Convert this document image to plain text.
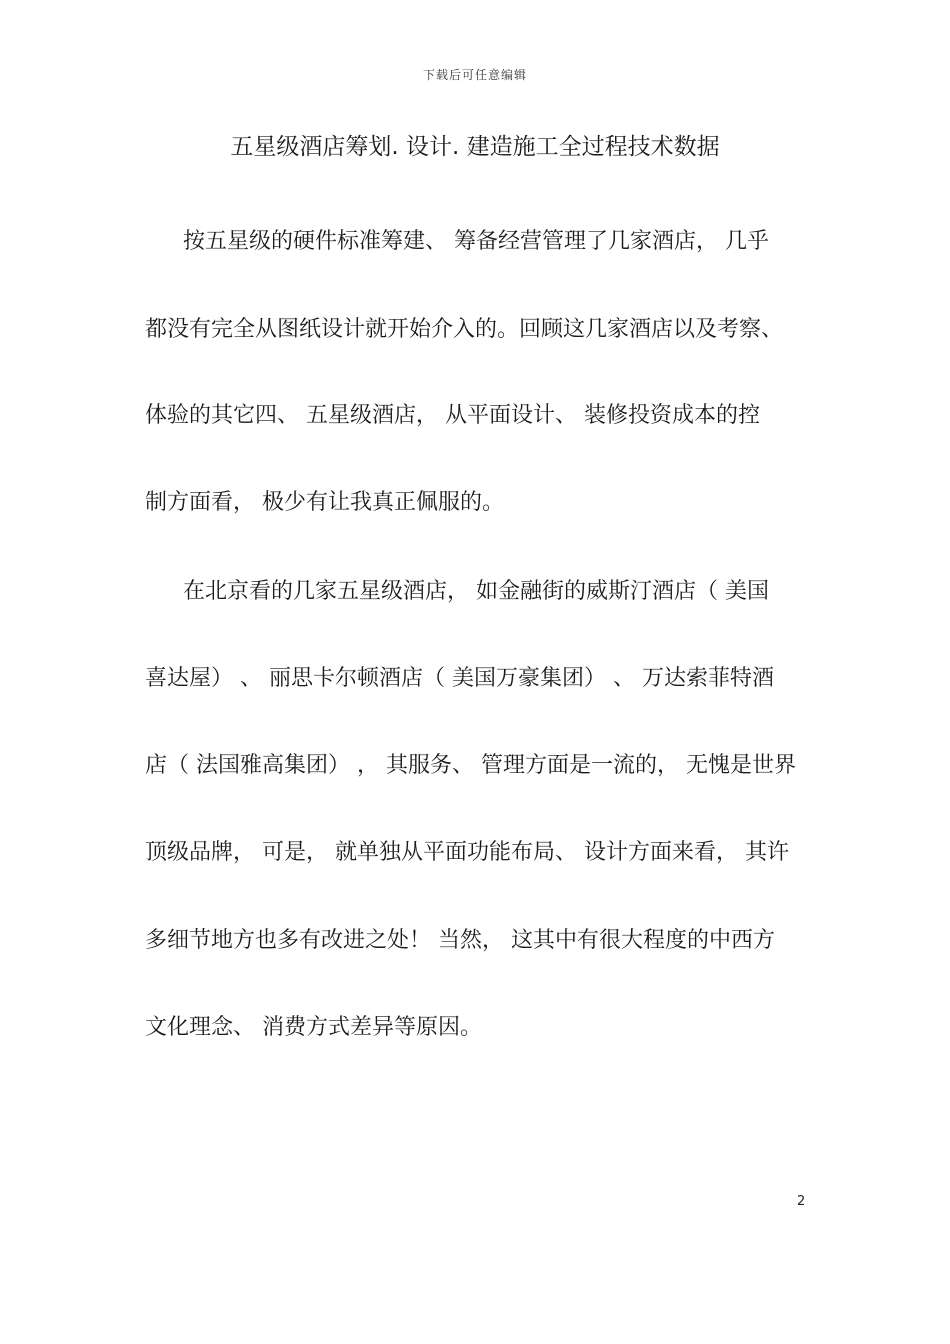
下载后可任意编辑
五星级酒店筹划. 设计. 建造施工全过程技术数据
按五星级的硬件标准筹建、 筹备经营管理了几家酒店， 几乎
都没有完全从图纸设计就开始介入的。回顾这几家酒店以及考察、
体验的其它四、 五星级酒店， 从平面设计、 装修投资成本的控
制方面看， 极少有让我真正佩服的。
在北京看的几家五星级酒店， 如金融街的威斯汀酒店（ 美国
喜达屋） 、 丽思卡尔顿酒店（ 美国万豪集团） 、 万达索菲特酒
店（ 法国雅高集团） ， 其服务、 管理方面是一流的， 无愧是世界
顶级品牌， 可是， 就单独从平面功能布局、 设计方面来看， 其许
多细节地方也多有改进之处！ 当然， 这其中有很大程度的中西方
文化理念、 消费方式差异等原因。
2
